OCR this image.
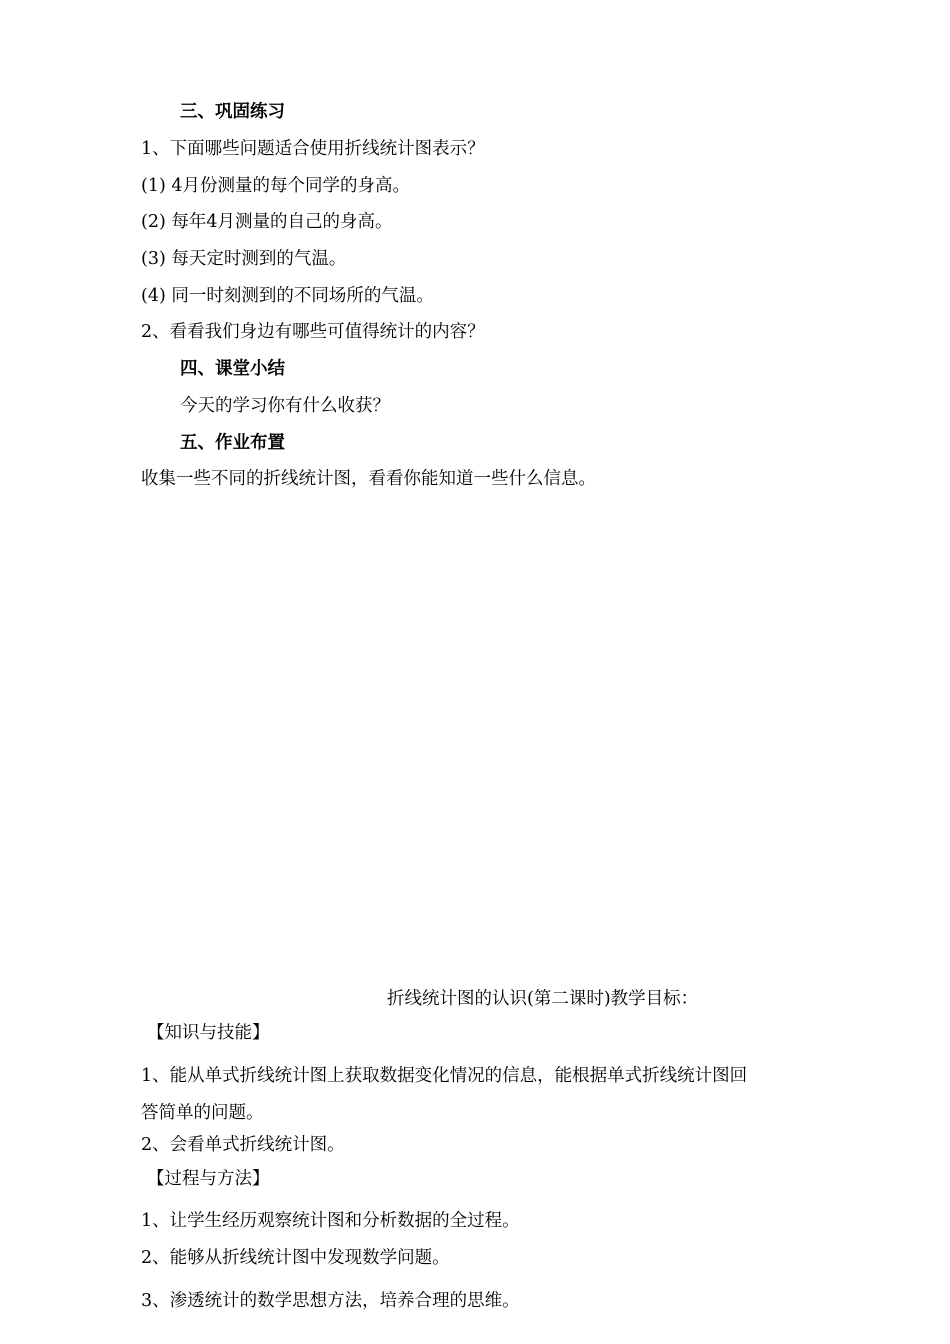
三、巩固练习
1、下面哪些问题适合使用折线统计图表示？
(1) 4月份测量的每个同学的身高。
(2) 每年4月测量的自己的身高。
(3) 每天定时测到的气温。
(4) 同一时刻测到的不同场所的气温。
2、看看我们身边有哪些可值得统计的内容？
四、课堂小结
今天的学习你有什么收获？
五、作业布置
收集一些不同的折线统计图，看看你能知道一些什么信息。
折线统计图的认识(第二课时)教学目标：
【知识与技能】
1、能从单式折线统计图上获取数据变化情况的信息，能根据单式折线统计图回
答简单的问题。
2、会看单式折线统计图。
【过程与方法】
1、让学生经历观察统计图和分析数据的全过程。
2、能够从折线统计图中发现数学问题。
3、渗透统计的数学思想方法，培养合理的思维。
